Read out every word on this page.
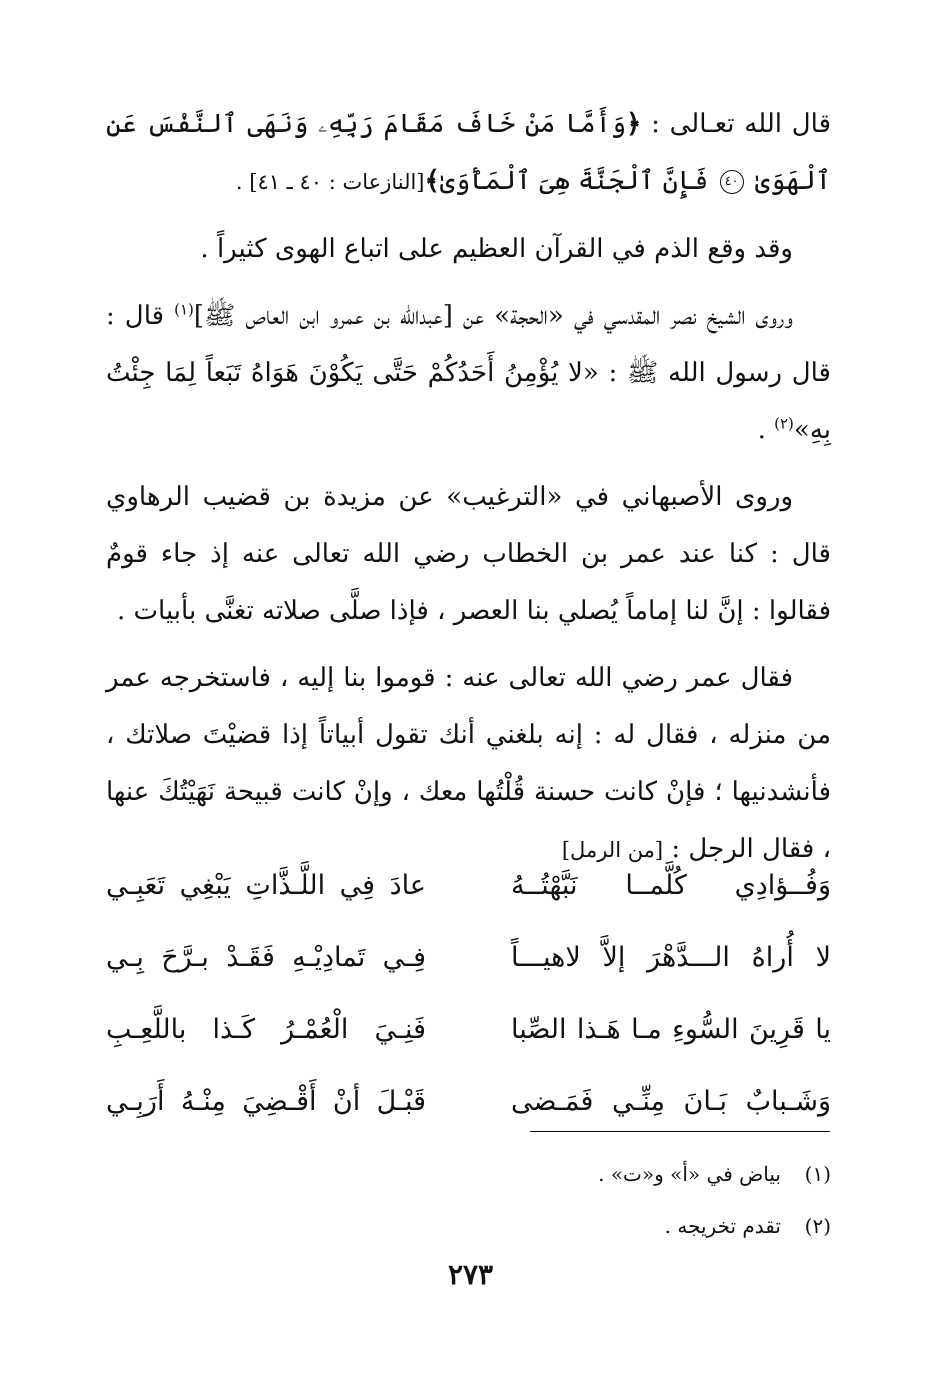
قال الله تعـالى : ﴿وَأَمَّا مَنْ خَافَ مَقَامَ رَبِّهِۦ وَنَهَى ٱلنَّفْسَ عَنِ ٱلْهَوَىٰ ٤٠ فَإِنَّ ٱلْجَنَّةَ هِىَ ٱلْمَأْوَىٰ﴾[النازعات : ٤٠ ـ ٤١] .

وقد وقع الذم في القرآن العظيم على اتباع الهوى كثيراً .

وروى الشيخ نصر المقدسي في «الحجة» عن [عبدالله بن عمرو ابن العاص ﷺ]$^{(١)}$ قال : قال رسول الله ﷺ : «لا يُؤْمِنُ أَحَدُكُمْ حَتَّى يَكُوْنَ هَوَاهُ تَبَعاً لِمَا جِئْتُ بِهِ»$^{(٢)}$ .

وروى الأصبهاني في «الترغيب» عن مزيدة بن قضيب الرهاوي قال : كنا عند عمر بن الخطاب رضي الله تعالى عنه إذ جاء قومٌ فقالوا : إنَّ لنا إماماً يُصلي بنا العصر ، فإذا صلَّى صلاته تغنَّى بأبيات .

فقال عمر رضي الله تعالى عنه : قوموا بنا إليه ، فاستخرجه عمر من منزله ، فقال له : إنه بلغني أنك تقول أبياتاً إذا قضيْتَ صلاتك ، فأنشدنيها ؛ فإنْ كانت حسنة قُلْتُها معك ، وإنْ كانت قبيحة نَهَيْتُكَ عنها ، فقال الرجل : [من الرمل]

وَفُــؤادِي كُلَّمــا نَبَّهْتُــهُ
عادَ فِي اللَّـذَّاتِ يَبْغِي تَعَبِـي
لا أُراهُ الـــدَّهْرَ إلاَّ لاهيـــاً
فِـي تَمادِيْـهِ فَقَـدْ بـرَّحَ بِـي
يا قَرِينَ السُّوءِ مـا هَـذا الصِّبا
فَنِـيَ الْعُمْـرُ كَـذا باللَّعِـبِ
وَشَـبابٌ بَـانَ مِنِّـي فَمَـضى
قَبْـلَ أنْ أَقْـضِيَ مِنْـهُ أَرَبِـي
(١)
بياض في «أ» و«ت» .
(٢)
تقدم تخريجه .
٢٧٣
